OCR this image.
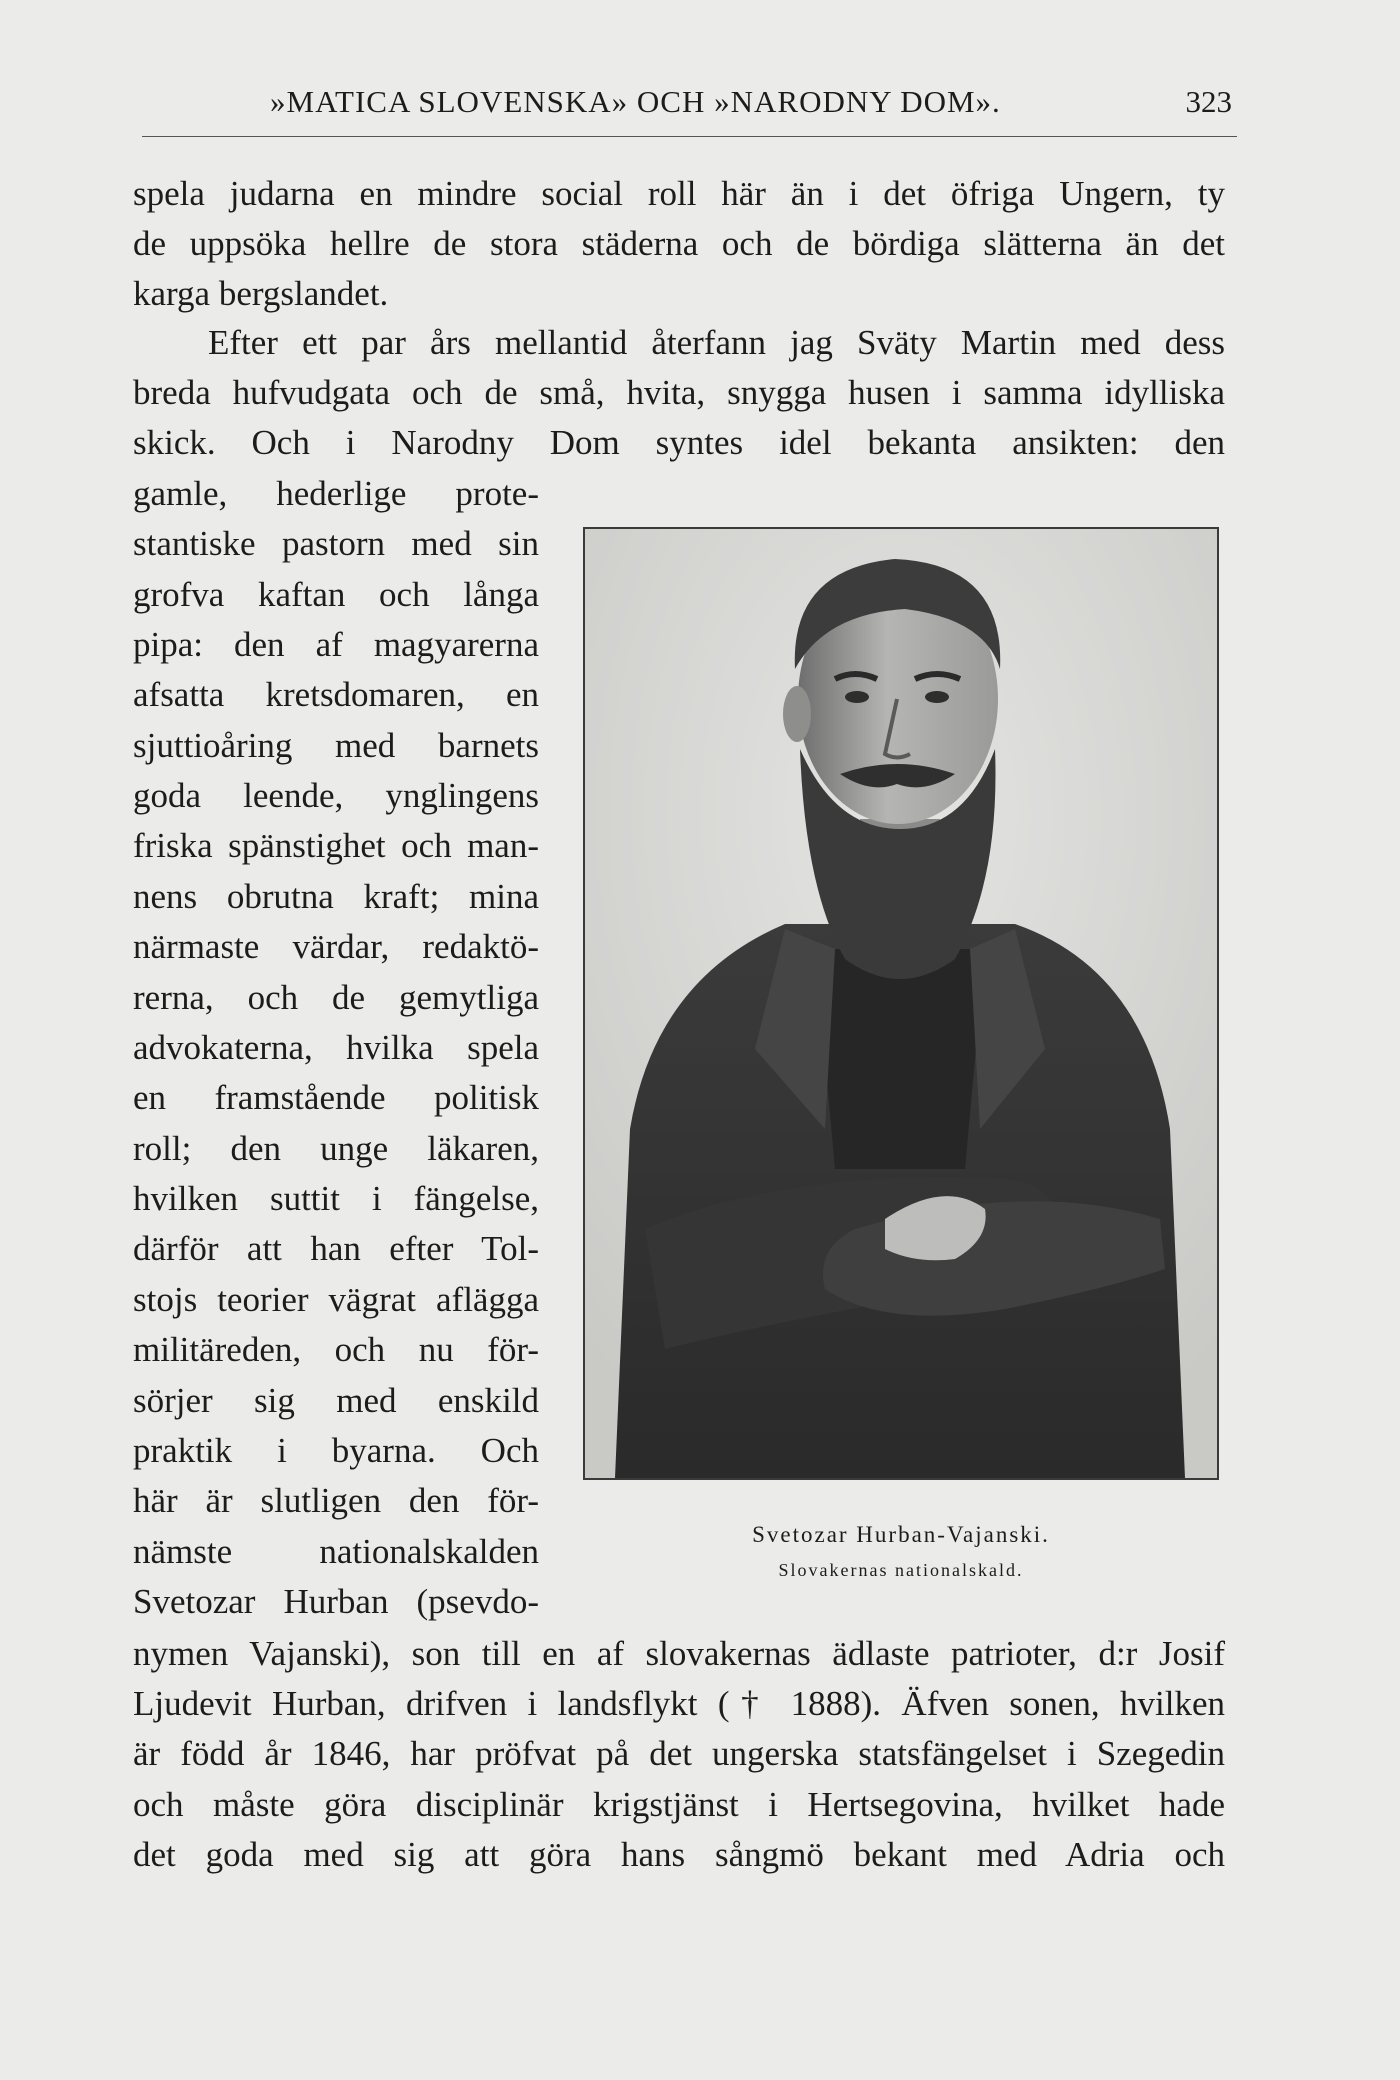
»MATICA SLOVENSKA» OCH »NARODNY DOM».	323
spela judarna en mindre social roll här än i det öfriga Ungern, ty
de uppsöka hellre de stora städerna och de bördiga slätterna än det
karga bergslandet.
Efter ett par års mellantid återfann jag Sväty Martin med dess
breda hufvudgata och de små, hvita, snygga husen i samma idylliska
skick. Och i Narodny Dom syntes idel bekanta ansikten: den
gamle, hederlige prote-
stantiske pastorn med sin
grofva kaftan och långa
pipa: den af magyarerna
afsatta kretsdomaren, en
sjuttioåring med barnets
goda leende, ynglingens
friska spänstighet och man-
nens obrutna kraft; mina
närmaste värdar, redaktö-
rerna, och de gemytliga
advokaterna, hvilka spela
en framstående politisk
roll; den unge läkaren,
hvilken suttit i fängelse,
därför att han efter Tol-
stojs teorier vägrat aflägga
militäreden, och nu för-
sörjer sig med enskild
praktik i byarna. Och
här är slutligen den för-
nämste nationalskalden
Svetozar Hurban (psevdo-
nymen Vajanski), son till en af slovakernas ädlaste patrioter, d:r Josif
Ljudevit Hurban, drifven i landsflykt († 1888). Äfven sonen, hvilken
är född år 1846, har pröfvat på det ungerska statsfängelset i Szegedin
och måste göra disciplinär krigstjänst i Hertsegovina, hvilket hade
det goda med sig att göra hans sångmö bekant med Adria och
Svetozar Hurban-Vajanski.
Slovakernas nationalskald.
